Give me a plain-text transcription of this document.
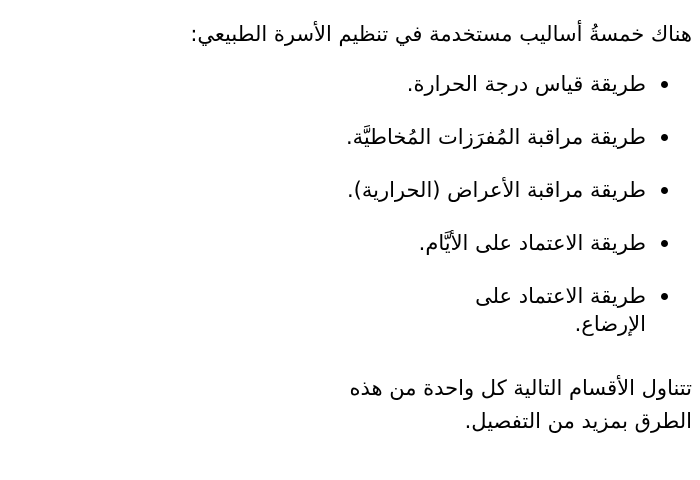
هناك خمسةُ أساليب مستخدمة في تنظيم الأسرة الطبيعي:

طريقة قياس درجة الحرارة.
طريقة مراقبة المُفرَزات المُخاطيَّة.
طريقة مراقبة الأعراض (الحرارية).
طريقة الاعتماد على الأيَّام.
طريقة الاعتماد على الإرضاع.

تتناول الأقسام التالية كل واحدة من هذه الطرق بمزيد من التفصيل.
